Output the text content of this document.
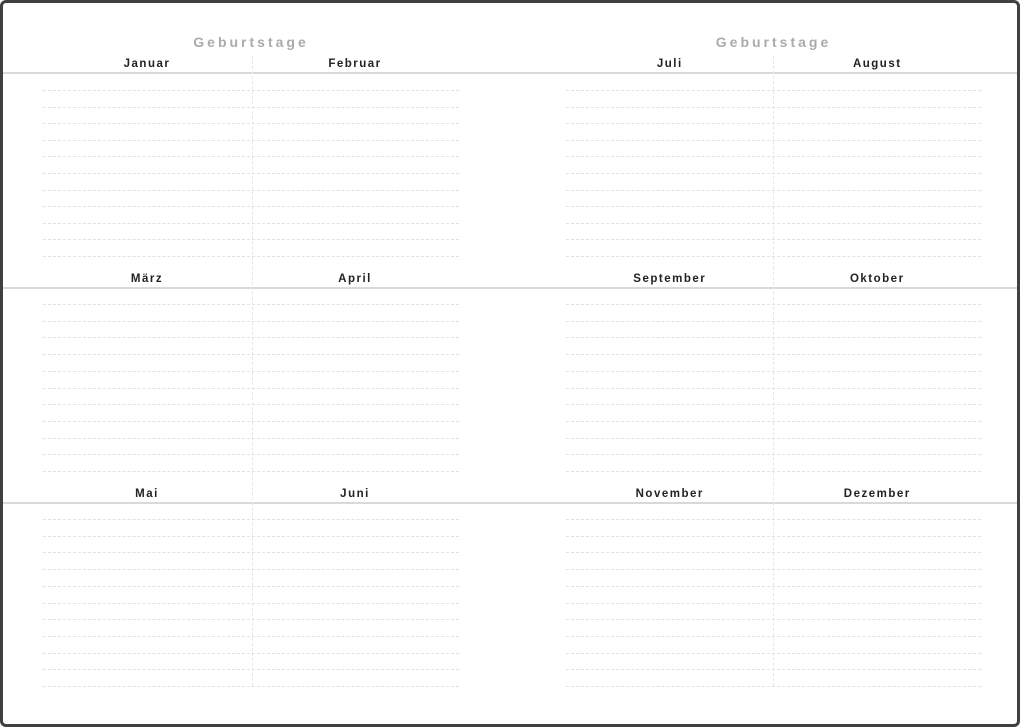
Geburtstage
Januar	Februar
März	April
Mai	Juni
Geburtstage
Juli	August
September	Oktober
November	Dezember
